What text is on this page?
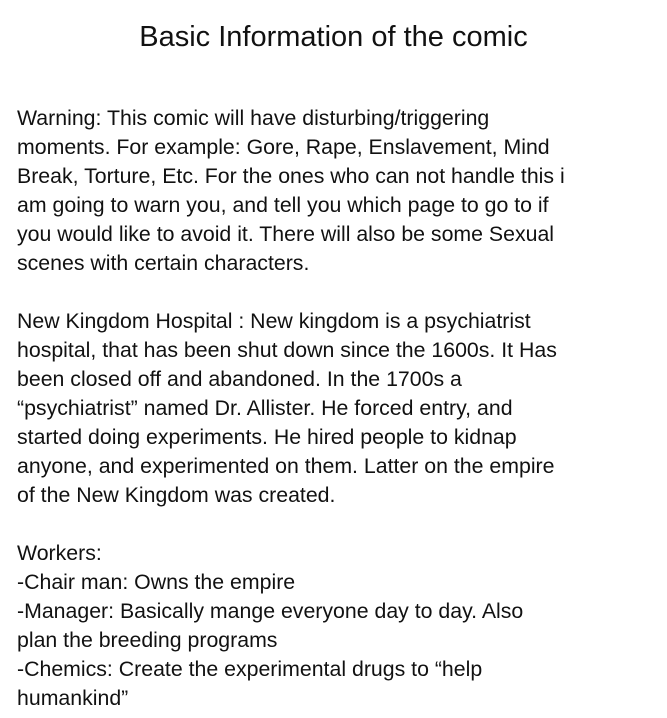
Basic Information of the comic
Warning: This comic will have disturbing/triggering
moments. For example: Gore, Rape, Enslavement, Mind
Break, Torture, Etc. For the ones who can not handle this i
am going to warn you, and tell you which page to go to if
you would like to avoid it. There will also be some Sexual
scenes with certain characters.
New Kingdom Hospital : New kingdom is a psychiatrist
hospital, that has been shut down since the 1600s. It Has
been closed off and abandoned. In the 1700s a
“psychiatrist” named Dr. Allister. He forced entry, and
started doing experiments. He hired people to kidnap
anyone, and experimented on them. Latter on the empire
of the New Kingdom was created.
Workers:
-Chair man: Owns the empire
-Manager: Basically mange everyone day to day. Also
plan the breeding programs
-Chemics: Create the experimental drugs to “help
humankind”
